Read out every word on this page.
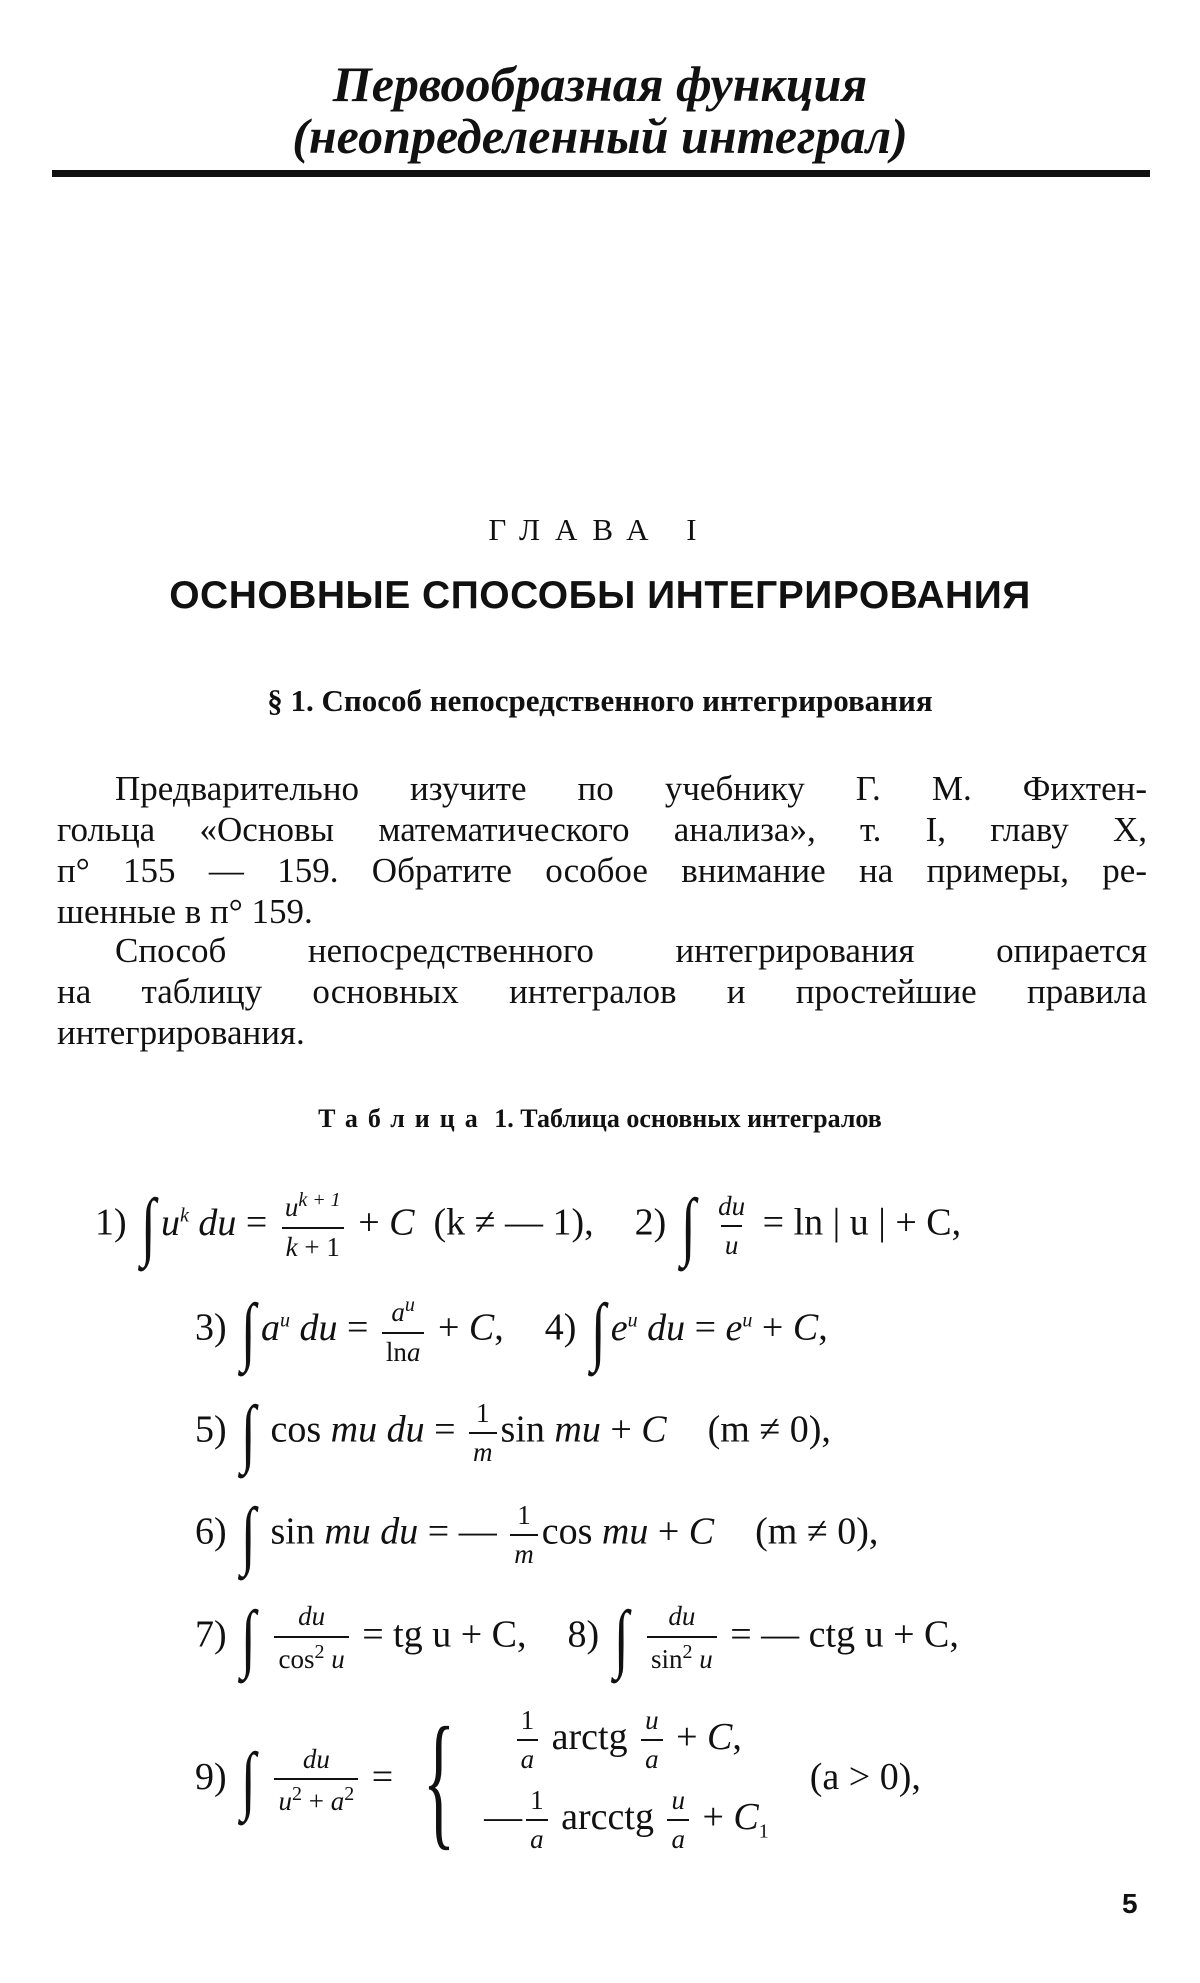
Первообразная функция
(неопределенный интеграл)
ГЛАВА I
ОСНОВНЫЕ СПОСОБЫ ИНТЕГРИРОВАНИЯ
§ 1. Способ непосредственного интегрирования
Предварительно изучите по учебнику Г. М. Фихтен-
гольца «Основы математического анализа», т. I, главу X,
п° 155 — 159. Обратите особое внимание на примеры, ре-
шенные в п° 159.
Способ непосредственного интегрирования опирается
на таблицу основных интегралов и простейшие правила
интегрирования.
Таблица 1. Таблица основных интегралов
1) ∫ $u^k$ du = $\frac{u^{k + 1}}{k + 1} + C$ (k ≠ — 1), 2) ∫ $\frac{du}{u} = \ln$ | u | + C,
3) ∫ $a^u$ du = $\frac{a^u}{\ln a} + C$,  4) ∫ $e^u$ du = $e^u + C$,
5) ∫ cos mu du = $\frac{1}{m}$ sin mu + C (m ≠ 0),
6) ∫ sin mu du = — $\frac{1}{m}$ cos mu + C (m ≠ 0),
7) ∫ $\frac{du}{\cos^2 u}$ = tg u + C, 8) ∫ $\frac{du}{\sin^2 u}$ = — ctg u + C,
9) ∫ $\frac{du}{u^2 + a^2}$ = {
$\frac{1}{a}$ arctg $\frac{u}{a} + C$,
— $\frac{1}{a}$ arcctg $\frac{u}{a} + C_1$
(a > 0),
5
